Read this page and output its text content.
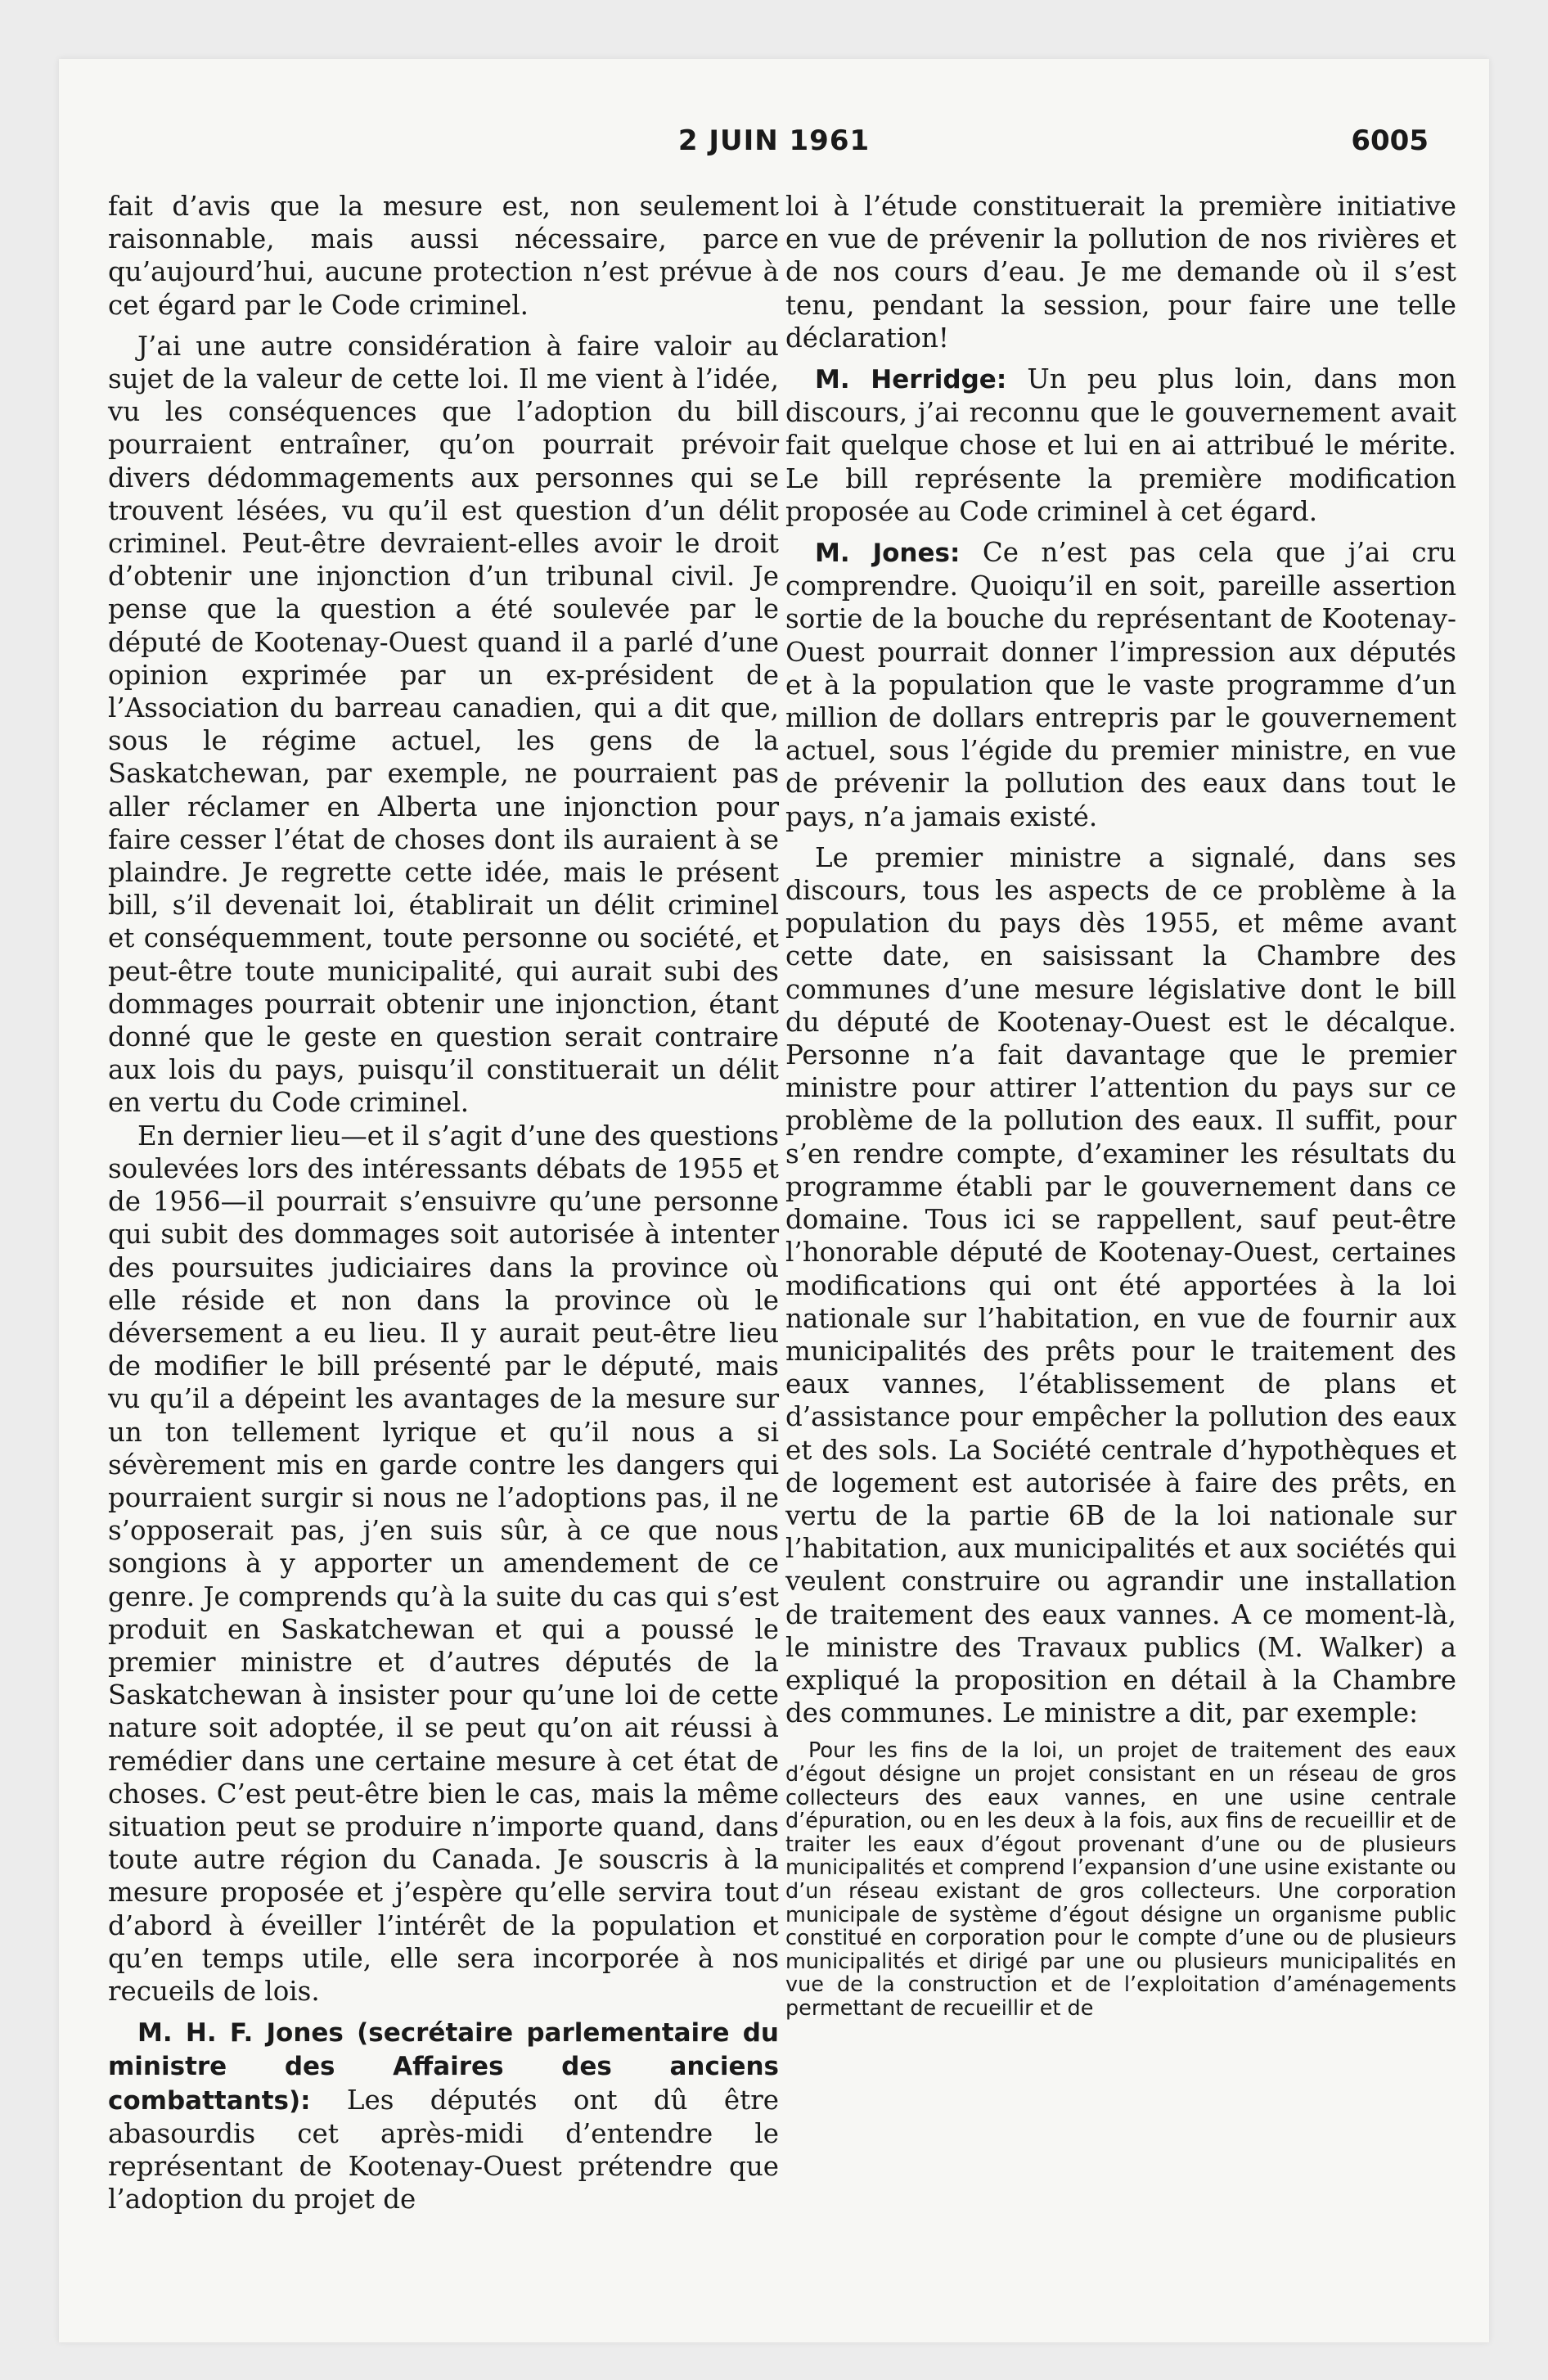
2 JUIN 1961	6005

fait d’avis que la mesure est, non seulement raisonnable, mais aussi nécessaire, parce qu’aujourd’hui, aucune protection n’est prévue à cet égard par le Code criminel.

J’ai une autre considération à faire valoir au sujet de la valeur de cette loi. Il me vient à l’idée, vu les conséquences que l’adoption du bill pourraient entraîner, qu’on pourrait prévoir divers dédommagements aux personnes qui se trouvent lésées, vu qu’il est question d’un délit criminel. Peut-être devraient-elles avoir le droit d’obtenir une injonction d’un tribunal civil. Je pense que la question a été soulevée par le député de Kootenay-Ouest quand il a parlé d’une opinion exprimée par un ex-président de l’Association du barreau canadien, qui a dit que, sous le régime actuel, les gens de la Saskatchewan, par exemple, ne pourraient pas aller réclamer en Alberta une injonction pour faire cesser l’état de choses dont ils auraient à se plaindre. Je regrette cette idée, mais le présent bill, s’il devenait loi, établirait un délit criminel et conséquemment, toute personne ou société, et peut-être toute municipalité, qui aurait subi des dommages pourrait obtenir une injonction, étant donné que le geste en question serait contraire aux lois du pays, puisqu’il constituerait un délit en vertu du Code criminel.

En dernier lieu—et il s’agit d’une des questions soulevées lors des intéressants débats de 1955 et de 1956—il pourrait s’ensuivre qu’une personne qui subit des dommages soit autorisée à intenter des poursuites judiciaires dans la province où elle réside et non dans la province où le déversement a eu lieu. Il y aurait peut-être lieu de modifier le bill présenté par le député, mais vu qu’il a dépeint les avantages de la mesure sur un ton tellement lyrique et qu’il nous a si sévèrement mis en garde contre les dangers qui pourraient surgir si nous ne l’adoptions pas, il ne s’opposerait pas, j’en suis sûr, à ce que nous songions à y apporter un amendement de ce genre. Je comprends qu’à la suite du cas qui s’est produit en Saskatchewan et qui a poussé le premier ministre et d’autres députés de la Saskatchewan à insister pour qu’une loi de cette nature soit adoptée, il se peut qu’on ait réussi à remédier dans une certaine mesure à cet état de choses. C’est peut-être bien le cas, mais la même situation peut se produire n’importe quand, dans toute autre région du Canada. Je souscris à la mesure proposée et j’espère qu’elle servira tout d’abord à éveiller l’intérêt de la population et qu’en temps utile, elle sera incorporée à nos recueils de lois.

M. H. F. Jones (secrétaire parlementaire du ministre des Affaires des anciens combattants): Les députés ont dû être abasourdis cet après-midi d’entendre le représentant de Kootenay-Ouest prétendre que l’adoption du projet de

loi à l’étude constituerait la première initiative en vue de prévenir la pollution de nos rivières et de nos cours d’eau. Je me demande où il s’est tenu, pendant la session, pour faire une telle déclaration!

M. Herridge: Un peu plus loin, dans mon discours, j’ai reconnu que le gouvernement avait fait quelque chose et lui en ai attribué le mérite. Le bill représente la première modification proposée au Code criminel à cet égard.

M. Jones: Ce n’est pas cela que j’ai cru comprendre. Quoiqu’il en soit, pareille assertion sortie de la bouche du représentant de Kootenay-Ouest pourrait donner l’impression aux députés et à la population que le vaste programme d’un million de dollars entrepris par le gouvernement actuel, sous l’égide du premier ministre, en vue de prévenir la pollution des eaux dans tout le pays, n’a jamais existé.

Le premier ministre a signalé, dans ses discours, tous les aspects de ce problème à la population du pays dès 1955, et même avant cette date, en saisissant la Chambre des communes d’une mesure législative dont le bill du député de Kootenay-Ouest est le décalque. Personne n’a fait davantage que le premier ministre pour attirer l’attention du pays sur ce problème de la pollution des eaux. Il suffit, pour s’en rendre compte, d’examiner les résultats du programme établi par le gouvernement dans ce domaine. Tous ici se rappellent, sauf peut-être l’honorable député de Kootenay-Ouest, certaines modifications qui ont été apportées à la loi nationale sur l’habitation, en vue de fournir aux municipalités des prêts pour le traitement des eaux vannes, l’établissement de plans et d’assistance pour empêcher la pollution des eaux et des sols. La Société centrale d’hypothèques et de logement est autorisée à faire des prêts, en vertu de la partie 6B de la loi nationale sur l’habitation, aux municipalités et aux sociétés qui veulent construire ou agrandir une installation de traitement des eaux vannes. A ce moment-là, le ministre des Travaux publics (M. Walker) a expliqué la proposition en détail à la Chambre des communes. Le ministre a dit, par exemple:

Pour les fins de la loi, un projet de traitement des eaux d’égout désigne un projet consistant en un réseau de gros collecteurs des eaux vannes, en une usine centrale d’épuration, ou en les deux à la fois, aux fins de recueillir et de traiter les eaux d’égout provenant d’une ou de plusieurs municipalités et comprend l’expansion d’une usine existante ou d’un réseau existant de gros collecteurs. Une corporation municipale de système d’égout désigne un organisme public constitué en corporation pour le compte d’une ou de plusieurs municipalités et dirigé par une ou plusieurs municipalités en vue de la construction et de l’exploitation d’aménagements permettant de recueillir et de
